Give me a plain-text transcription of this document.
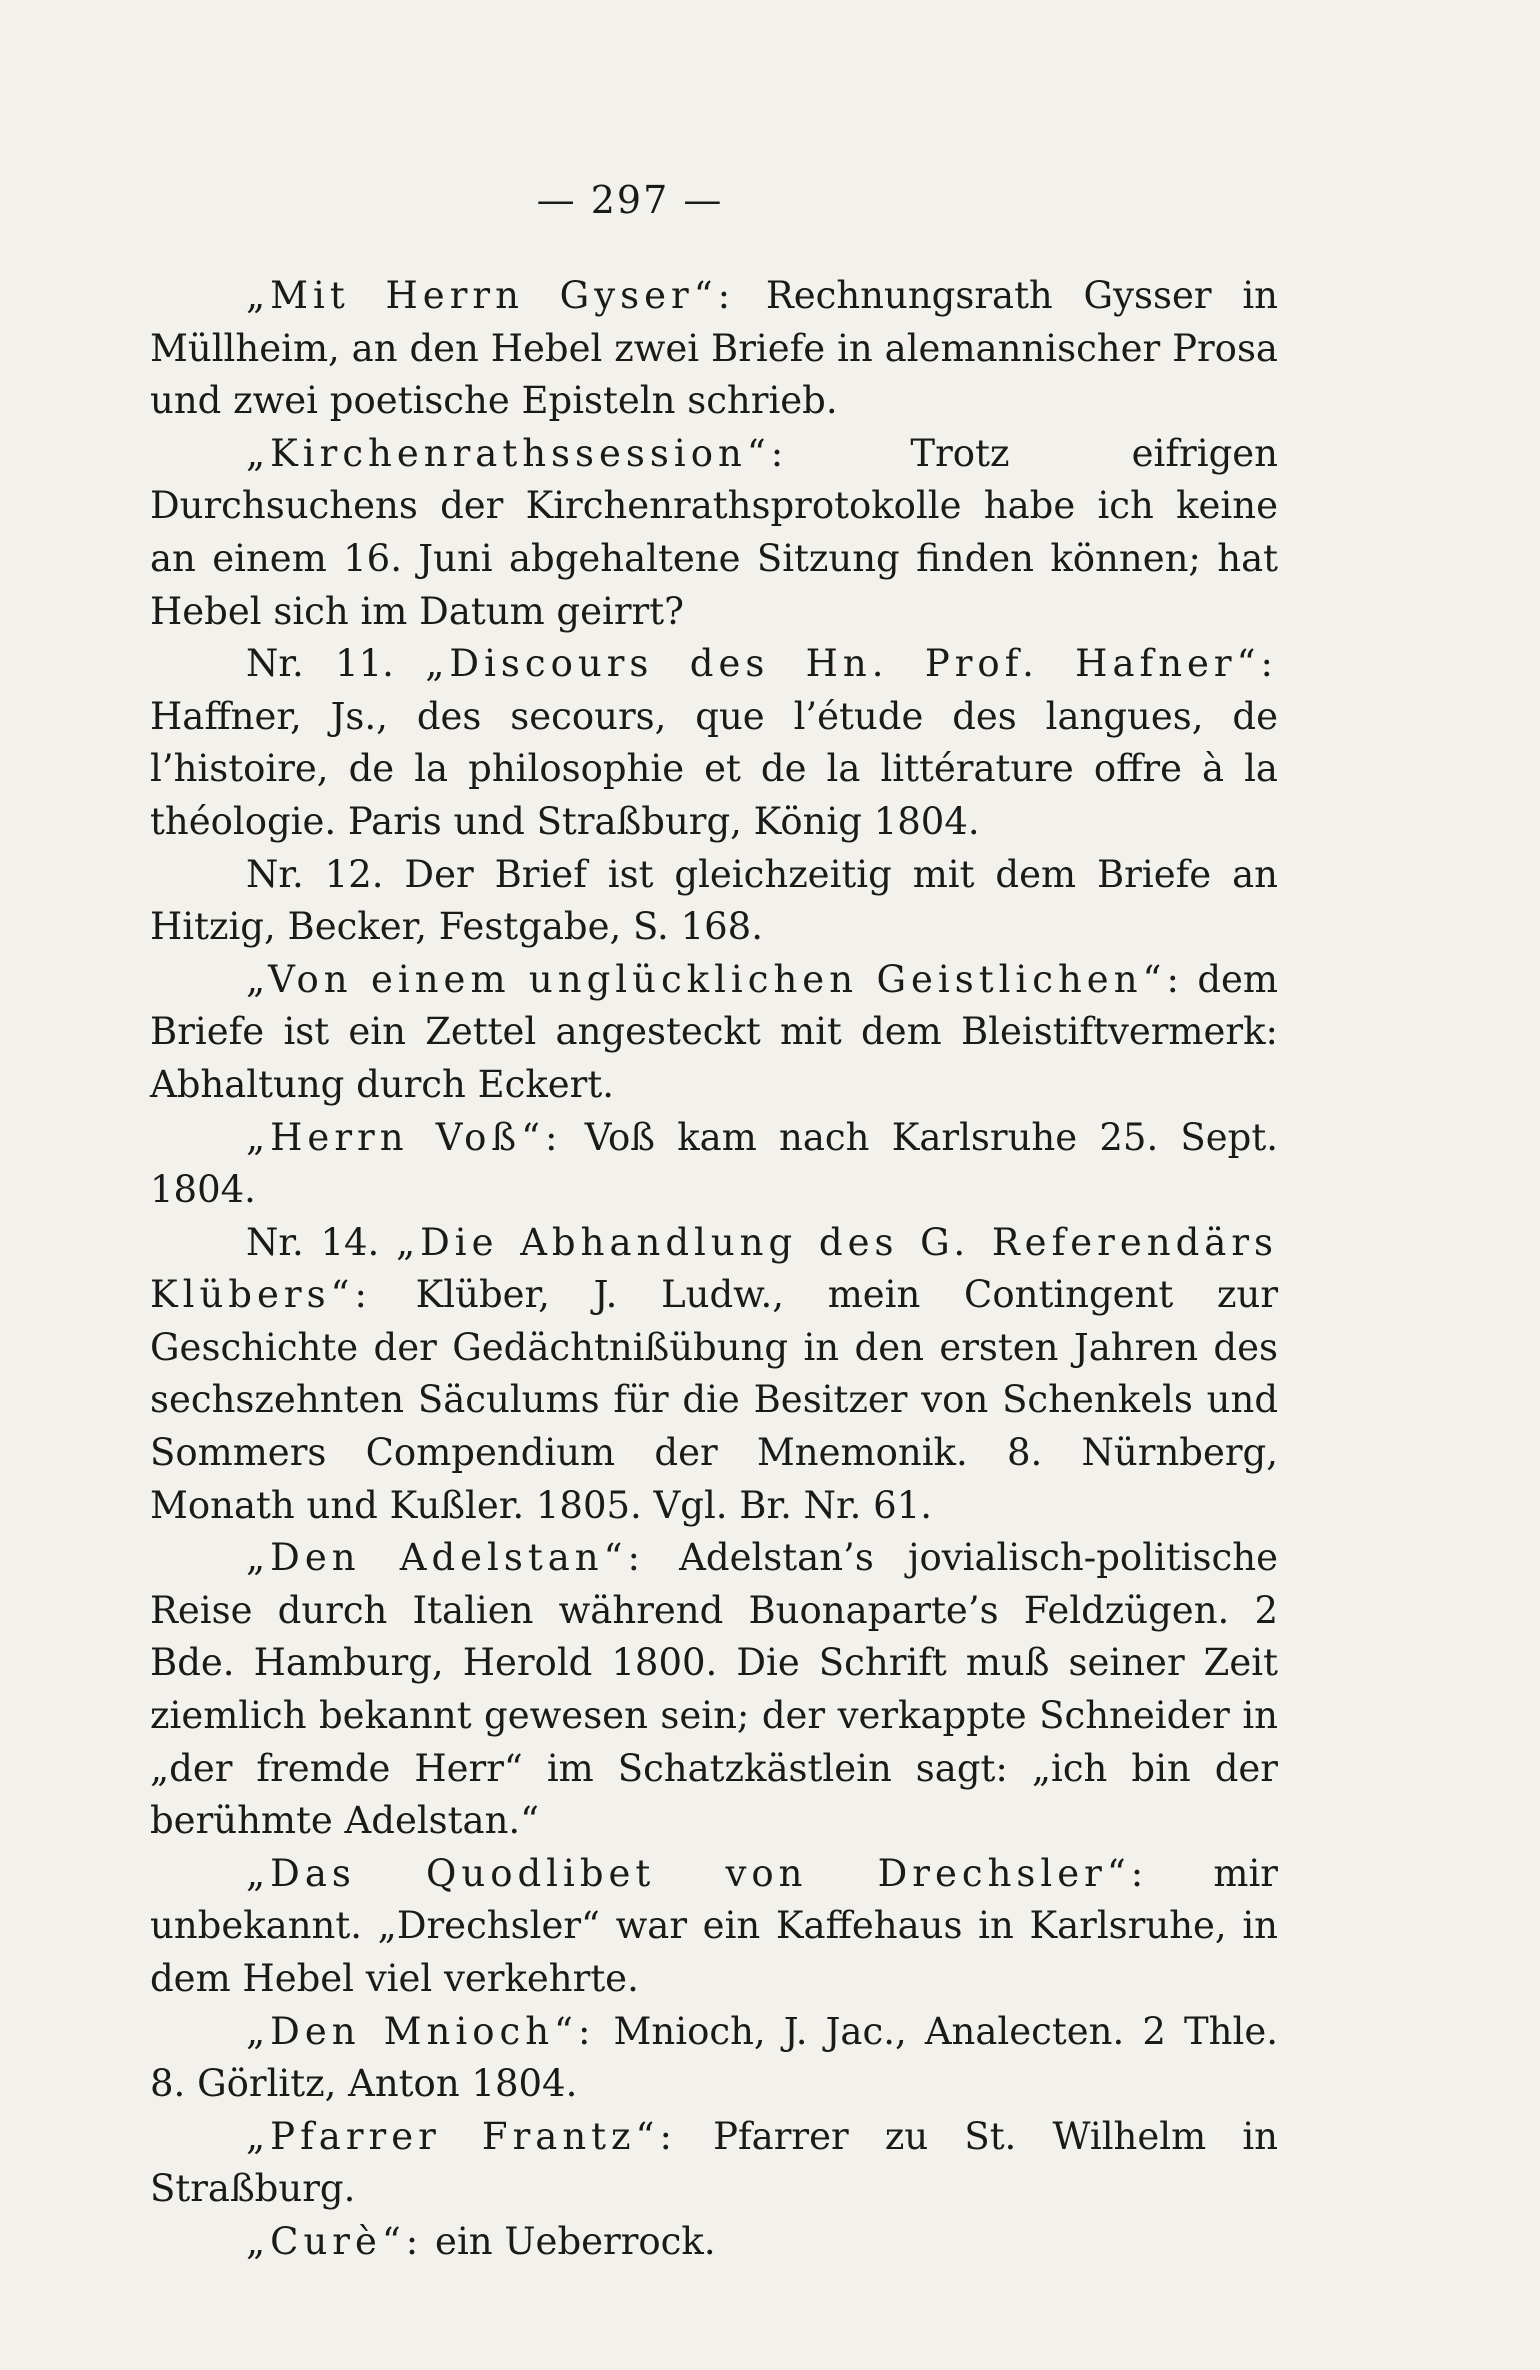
— 297 —

„Mit Herrn Gyser“: Rechnungsrath Gysser in Müllheim, an den Hebel zwei Briefe in alemannischer Prosa und zwei poetische Episteln schrieb.

„Kirchenrathssession“: Trotz eifrigen Durchsuchens der Kirchenrathsprotokolle habe ich keine an einem 16. Juni abgehaltene Sitzung finden können; hat Hebel sich im Datum geirrt?

Nr. 11. „Discours des Hn. Prof. Hafner“: Haffner, Js., des secours, que l’étude des langues, de l’histoire, de la philosophie et de la littérature offre à la théologie. Paris und Straßburg, König 1804.

Nr. 12. Der Brief ist gleichzeitig mit dem Briefe an Hitzig, Becker, Festgabe, S. 168.

„Von einem unglücklichen Geistlichen“: dem Briefe ist ein Zettel angesteckt mit dem Bleistiftvermerk: Abhaltung durch Eckert.

„Herrn Voß“: Voß kam nach Karlsruhe 25. Sept. 1804.

Nr. 14. „Die Abhandlung des G. Referendärs Klübers“: Klüber, J. Ludw., mein Contingent zur Geschichte der Gedächtnißübung in den ersten Jahren des sechszehnten Säculums für die Besitzer von Schenkels und Sommers Compendium der Mnemonik. 8. Nürnberg, Monath und Kußler. 1805. Vgl. Br. Nr. 61.

„Den Adelstan“: Adelstan’s jovialisch-politische Reise durch Italien während Buonaparte’s Feldzügen. 2 Bde. Hamburg, Herold 1800. Die Schrift muß seiner Zeit ziemlich bekannt gewesen sein; der verkappte Schneider in „der fremde Herr“ im Schatzkästlein sagt: „ich bin der berühmte Adelstan.“

„Das Quodlibet von Drechsler“: mir unbekannt. „Drechsler“ war ein Kaffehaus in Karlsruhe, in dem Hebel viel verkehrte.

„Den Mnioch“: Mnioch, J. Jac., Analecten. 2 Thle. 8. Görlitz, Anton 1804.

„Pfarrer Frantz“: Pfarrer zu St. Wilhelm in Straßburg.

„Curè“: ein Ueberrock.
